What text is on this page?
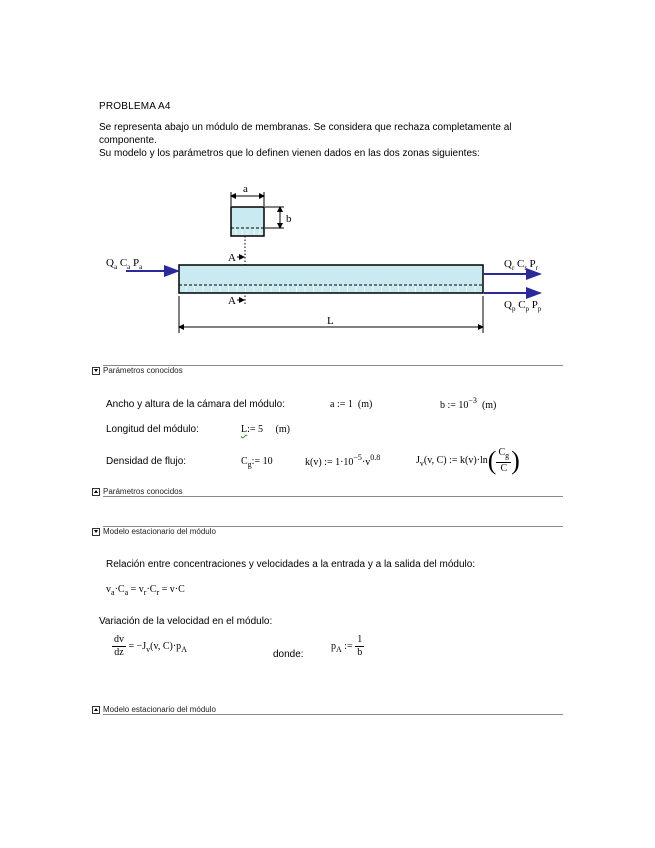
PROBLEMA A4
Se representa abajo un módulo de membranas. Se considera que rechaza completamente al
componente.
Su modelo y los parámetros que lo definen vienen dados en las dos zonas siguientes:
a
b
L
A
A
$Q_a$ $C_a$ $P_a$	$Q_r$ $C_r$ $P_r$
$Q_p$ $C_p$ $P_p$
Parámetros conocidos
Ancho y altura de la cámara del módulo:	a := 1 (m)	b := $10^{-3}$ (m)
Longitud del módulo:	L:= 5 (m)
Densidad de flujo:	$C_g:= 10$	k(v) := $1\cdot 10^{-5}\cdot v^{0.8}$	$J_v(v$, C) := $k(v)\cdot\ln( \frac{C_g}{C}$ )
Parámetros conocidos
Modelo estacionario del módulo
Relación entre concentraciones y velocidades a la entrada y a la salida del módulo:
$v_a\cdot C_a = v_r\cdot C_r = v\cdot C$
Variación de la velocidad en el módulo:
$\frac{dv}{dz} = -J_v(v$, $C)\cdot p_A$	donde:
$p_A$ := $\frac{1}{b}$
Modelo estacionario del módulo
